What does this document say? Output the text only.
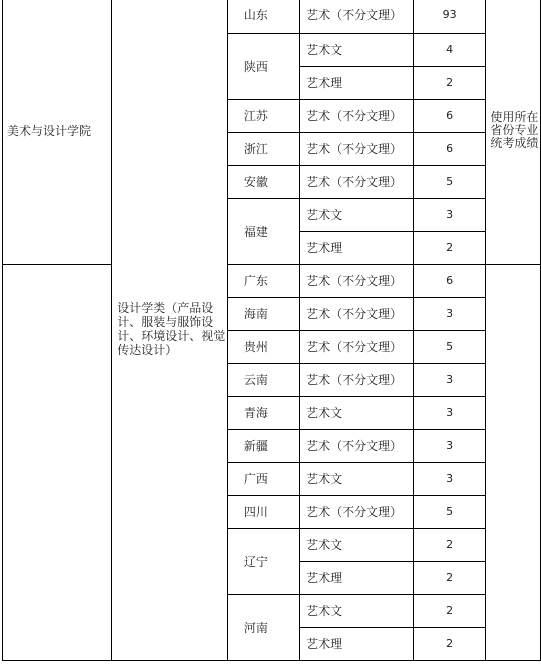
美术与设计学院	设计学类（产品设计、服装与服饰设计、环境设计、视觉传达设计）	山东	艺术（不分文理）	93	使用所在省份专业统考成绩
		陕西	艺术文	4	
			艺术理	2	
		江苏	艺术（不分文理）	6	
		浙江	艺术（不分文理）	6	
		安徽	艺术（不分文理）	5	
		福建	艺术文	3	
			艺术理	2	
		广东	艺术（不分文理）	6	
		海南	艺术（不分文理）	3	
		贵州	艺术（不分文理）	5	
		云南	艺术（不分文理）	3	
		青海	艺术文	3	
		新疆	艺术（不分文理）	3	
		广西	艺术文	3	
		四川	艺术（不分文理）	5	
		辽宁	艺术文	2	
			艺术理	2	
		河南	艺术文	2	
			艺术理	2	
